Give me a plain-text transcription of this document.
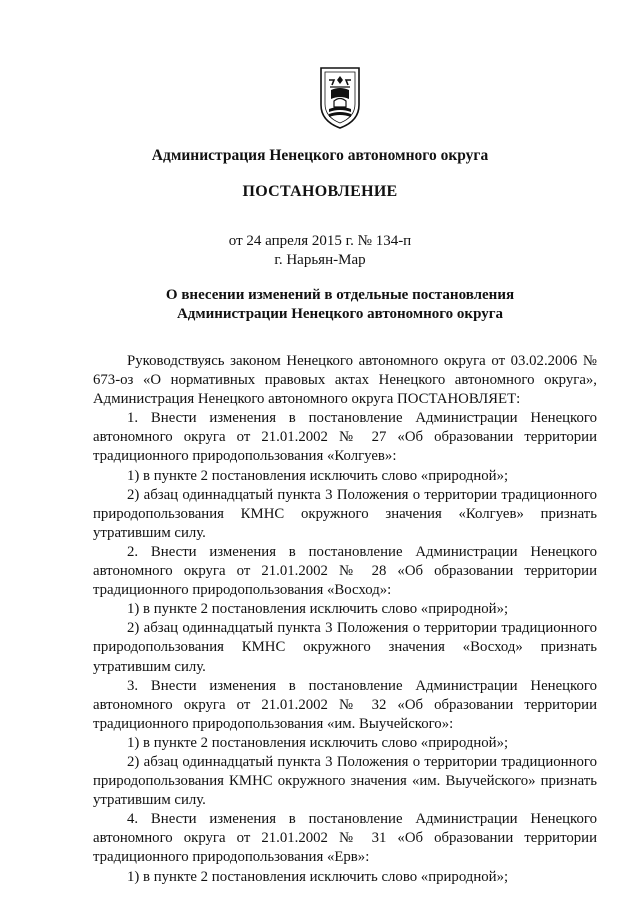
Администрация Ненецкого автономного округа
ПОСТАНОВЛЕНИЕ
от 24 апреля 2015 г. № 134-п
г. Нарьян-Мар
О внесении изменений в отдельные постановления
Администрации Ненецкого автономного округа

Руководствуясь законом Ненецкого автономного округа от 03.02.2006 № 673-оз «О нормативных правовых актах Ненецкого автономного округа», Администрация Ненецкого автономного округа ПОСТАНОВЛЯЕТ:

1. Внести изменения в постановление Администрации Ненецкого автономного округа от 21.01.2002 № 27 «Об образовании территории традиционного природопользования «Колгуев»:

1) в пункте 2 постановления исключить слово «природной»;

2) абзац одиннадцатый пункта 3 Положения о территории традиционного природопользования КМНС окружного значения «Колгуев» признать утратившим силу.

2. Внести изменения в постановление Администрации Ненецкого автономного округа от 21.01.2002 № 28 «Об образовании территории традиционного природопользования «Восход»:

1) в пункте 2 постановления исключить слово «природной»;

2) абзац одиннадцатый пункта 3 Положения о территории традиционного природопользования КМНС окружного значения «Восход» признать утратившим силу.

3. Внести изменения в постановление Администрации Ненецкого автономного округа от 21.01.2002 № 32 «Об образовании территории традиционного природопользования «им. Выучейского»:

1) в пункте 2 постановления исключить слово «природной»;

2) абзац одиннадцатый пункта 3 Положения о территории традиционного природопользования КМНС окружного значения «им. Выучейского» признать утратившим силу.

4. Внести изменения в постановление Администрации Ненецкого автономного округа от 21.01.2002 № 31 «Об образовании территории традиционного природопользования «Ерв»:

1) в пункте 2 постановления исключить слово «природной»;
